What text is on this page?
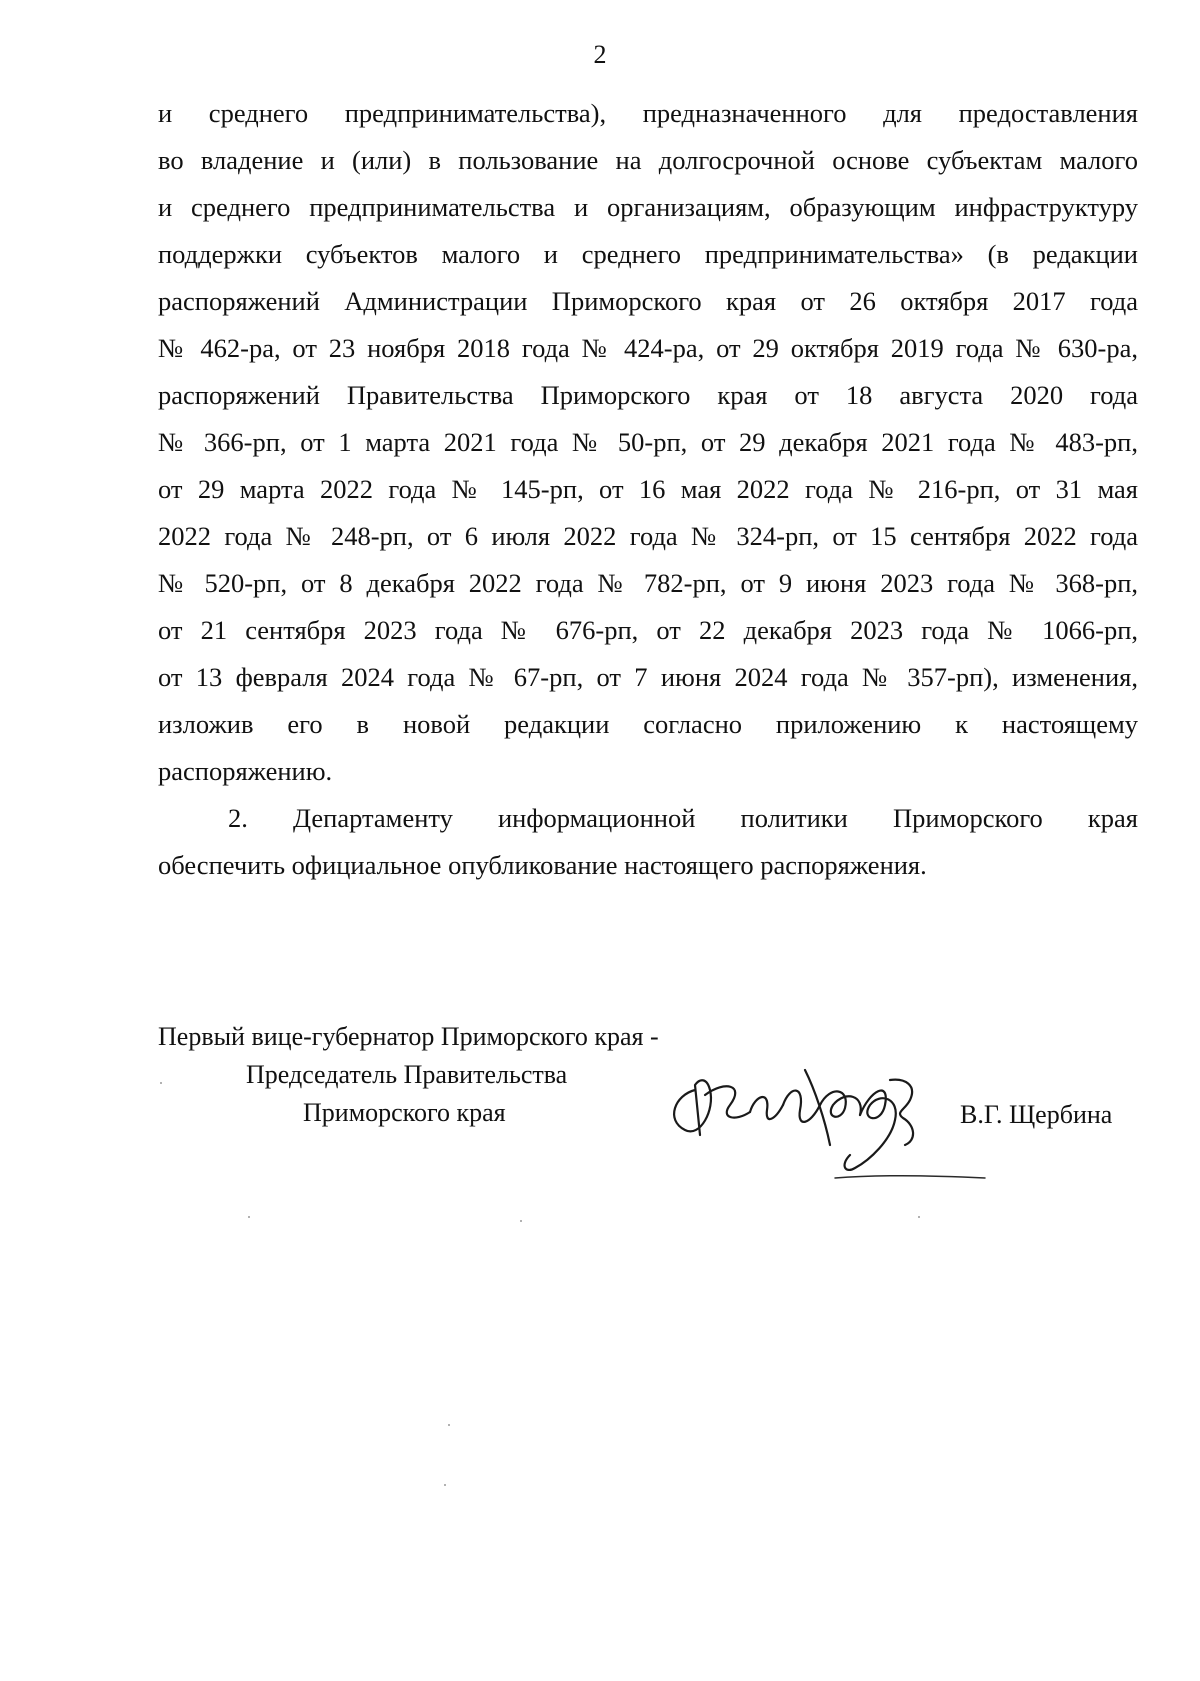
2
и среднего предпринимательства), предназначенного для предоставления
во владение и (или) в пользование на долгосрочной основе субъектам малого
и среднего предпринимательства и организациям, образующим инфраструктуру
поддержки субъектов малого и среднего предпринимательства» (в редакции
распоряжений Администрации Приморского края от 26 октября 2017 года
№ 462-ра, от 23 ноября 2018 года № 424-ра, от 29 октября 2019 года № 630-ра,
распоряжений Правительства Приморского края от 18 августа 2020 года
№ 366-рп, от 1 марта 2021 года № 50-рп, от 29 декабря 2021 года № 483-рп,
от 29 марта 2022 года № 145-рп, от 16 мая 2022 года № 216-рп, от 31 мая
2022 года № 248-рп, от 6 июля 2022 года № 324-рп, от 15 сентября 2022 года
№ 520-рп, от 8 декабря 2022 года № 782-рп, от 9 июня 2023 года № 368-рп,
от 21 сентября 2023 года № 676-рп, от 22 декабря 2023 года № 1066-рп,
от 13 февраля 2024 года № 67-рп, от 7 июня 2024 года № 357-рп), изменения,
изложив его в новой редакции согласно приложению к настоящему
распоряжению.
2. Департаменту информационной политики Приморского края
обеспечить официальное опубликование настоящего распоряжения.
Первый вице-губернатор Приморского края -
Председатель Правительства
Приморского края	В.Г. Щербина
